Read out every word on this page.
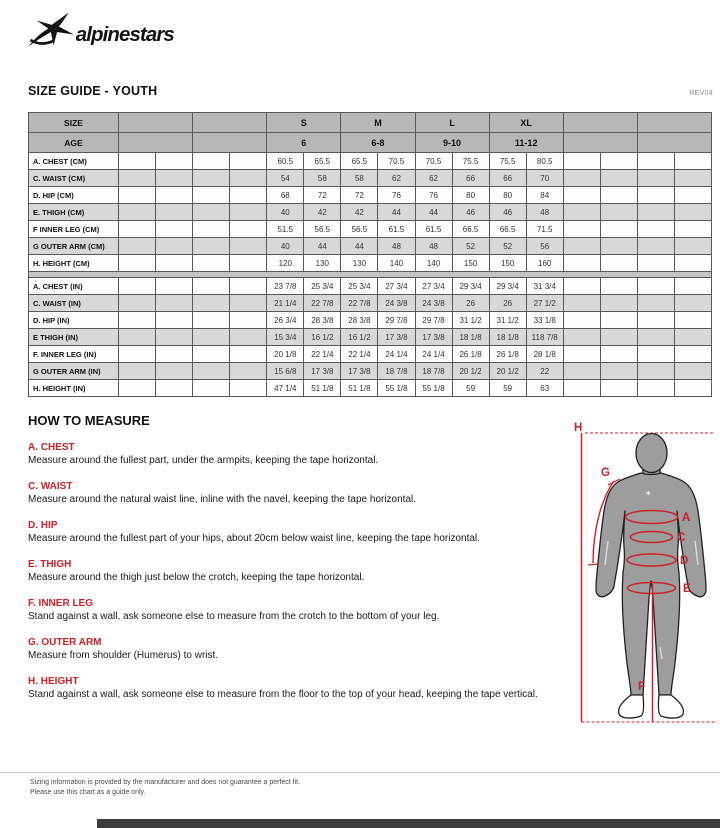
alpinestars
SIZE GUIDE - YOUTH	REV04
SIZE					S		M		L		XL					
AGE					6		6-8		9-10		11-12					
A. CHEST (CM)					60.5	65.5	65.5	70.5	70.5	75.5	75.5	80.5				
C. WAIST (CM)					54	58	58	62	62	66	66	70				
D. HIP (CM)					68	72	72	76	76	80	80	84				
E. THIGH (CM)					40	42	42	44	44	46	46	48				
F INNER LEG (CM)					51.5	56.5	56.5	61.5	61.5	66.5	66.5	71.5				
G OUTER ARM (CM)					40	44	44	48	48	52	52	56				
H. HEIGHT (CM)					120	130	130	140	140	150	150	160				

A. CHEST (IN)					23 7/8	25 3/4	25 3/4	27 3/4	27 3/4	29 3/4	29 3/4	31 3/4				
C. WAIST (IN)					21 1/4	22 7/8	22 7/8	24 3/8	24 3/8	26	26	27 1/2				
D. HIP (IN)					26 3/4	28 3/8	28 3/8	29 7/8	29 7/8	31 1/2	31 1/2	33 1/8				
E THIGH (IN)					15 3/4	16 1/2	16 1/2	17 3/8	17 3/8	18 1/8	18 1/8	118 7/8				
F. INNER LEG (IN)					20 1/8	22 1/4	22 1/4	24 1/4	24 1/4	26 1/8	26 1/8	28 1/8				
G OUTER ARM (IN)					15 6/8	17 3/8	17 3/8	18 7/8	18 7/8	20 1/2	20 1/2	22				
H. HEIGHT (IN)					47 1/4	51 1/8	51 1/8	55 1/8	55 1/8	59	59	63				
HOW TO MEASURE
A. CHEST
Measure around the fullest part, under the armpits, keeping the tape horizontal.
C. WAIST
Measure around the natural waist line, inline with the navel, keeping the tape horizontal.
D. HIP
Measure around the fullest part of your hips, about 20cm below waist line, keeping the tape horizontal.
E. THIGH
Measure around the thigh just below the crotch, keeping the tape horizontal.
F. INNER LEG
Stand against a wall, ask someone else to measure from the crotch to the bottom of your leg.
G. OUTER ARM
Measure from shoulder (Humerus) to wrist.
H. HEIGHT
Stand against a wall, ask someone else to measure from the floor to the top of your head, keeping the tape vertical.
✶
H
G
A
C
D
E
F
Sizing information is provided by the manufacturer and does not guarantee a perfect fit.
Please use this chart as a guide only.
